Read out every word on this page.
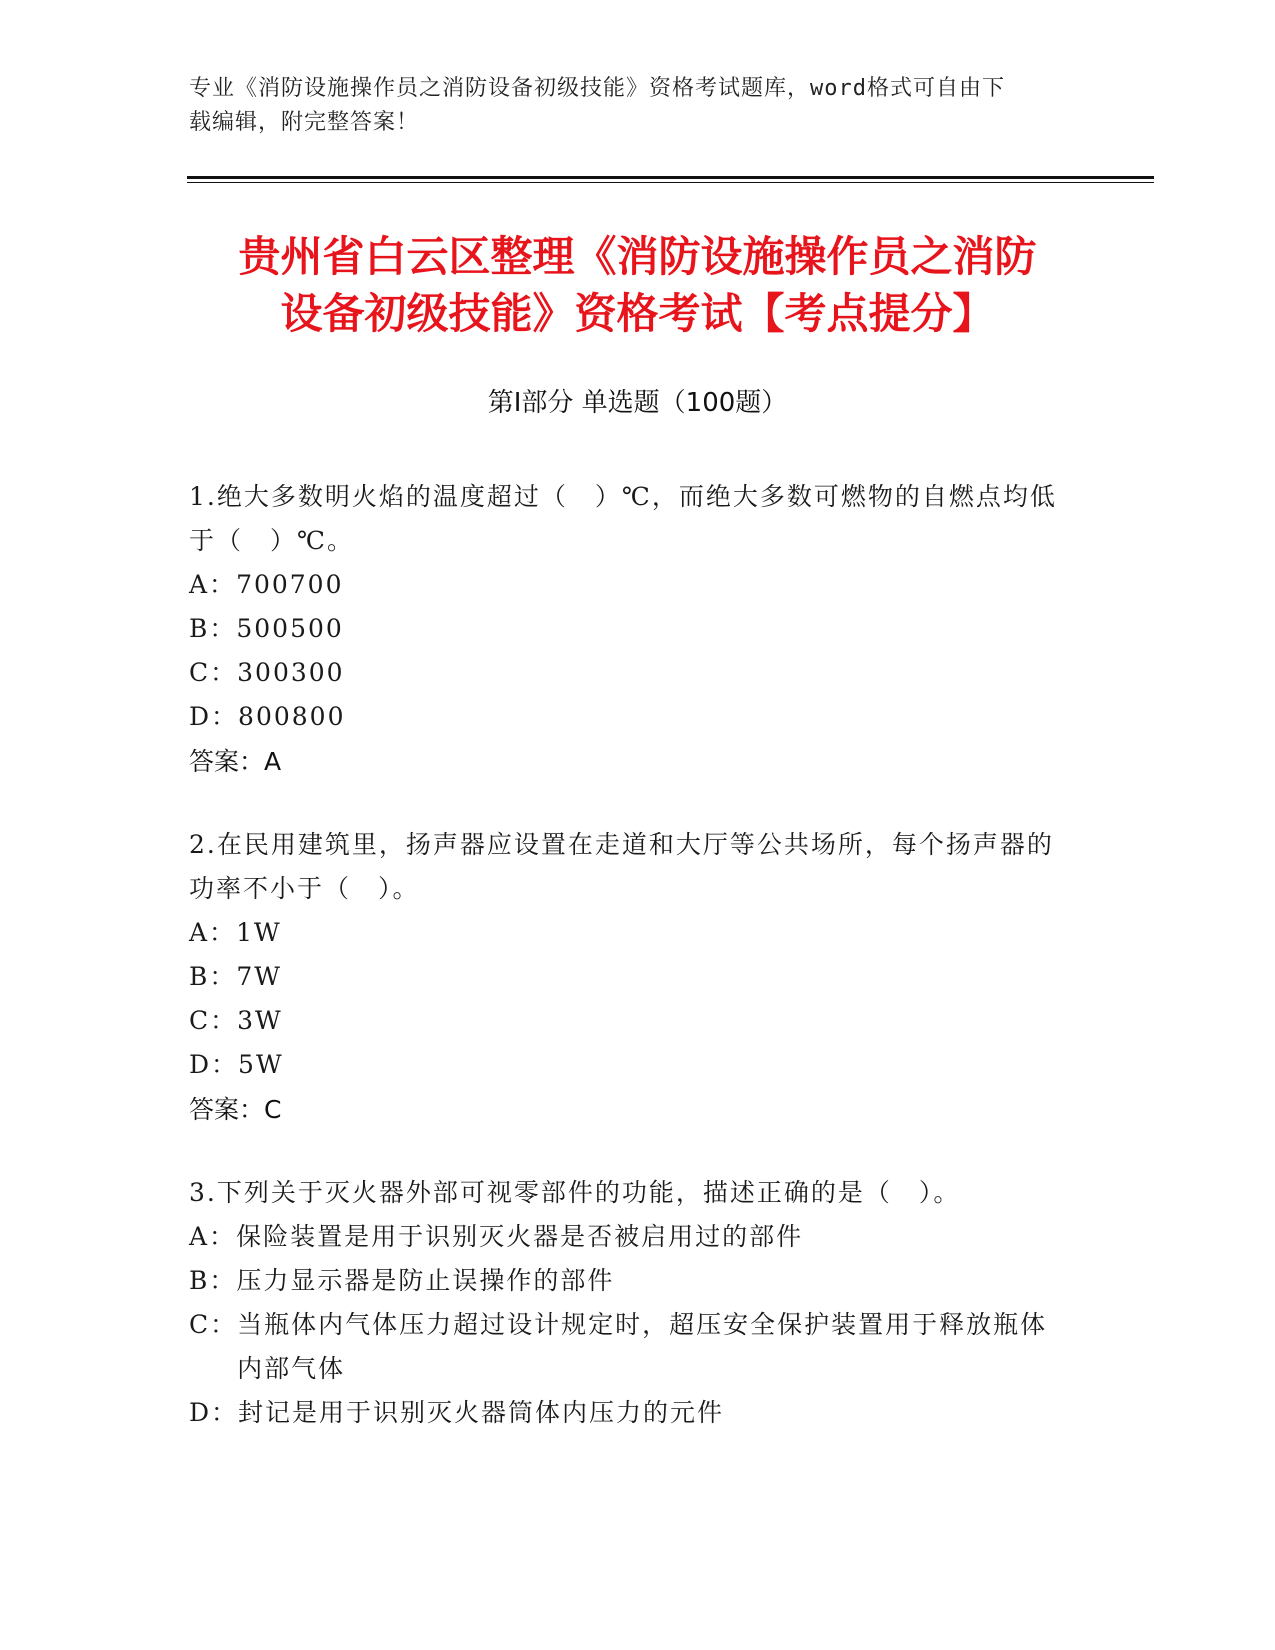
专业《消防设施操作员之消防设备初级技能》资格考试题库，word格式可自由下
载编辑，附完整答案！
贵州省白云区整理《消防设施操作员之消防
设备初级技能》资格考试【考点提分】
第Ⅰ部分 单选题（100题）
1.绝大多数明火焰的温度超过（　）℃，而绝大多数可燃物的自燃点均低于（　）℃。
A： 700700
B： 500500
C： 300300
D： 800800
答案：A
2.在民用建筑里，扬声器应设置在走道和大厅等公共场所，每个扬声器的功率不小于（　）。
A： 1W
B： 7W
C： 3W
D： 5W
答案：C
3.下列关于灭火器外部可视零部件的功能，描述正确的是（　）。
A： 保险装置是用于识别灭火器是否被启用过的部件
B： 压力显示器是防止误操作的部件
C： 当瓶体内气体压力超过设计规定时，超压安全保护装置用于释放瓶体内部气体
D： 封记是用于识别灭火器筒体内压力的元件
